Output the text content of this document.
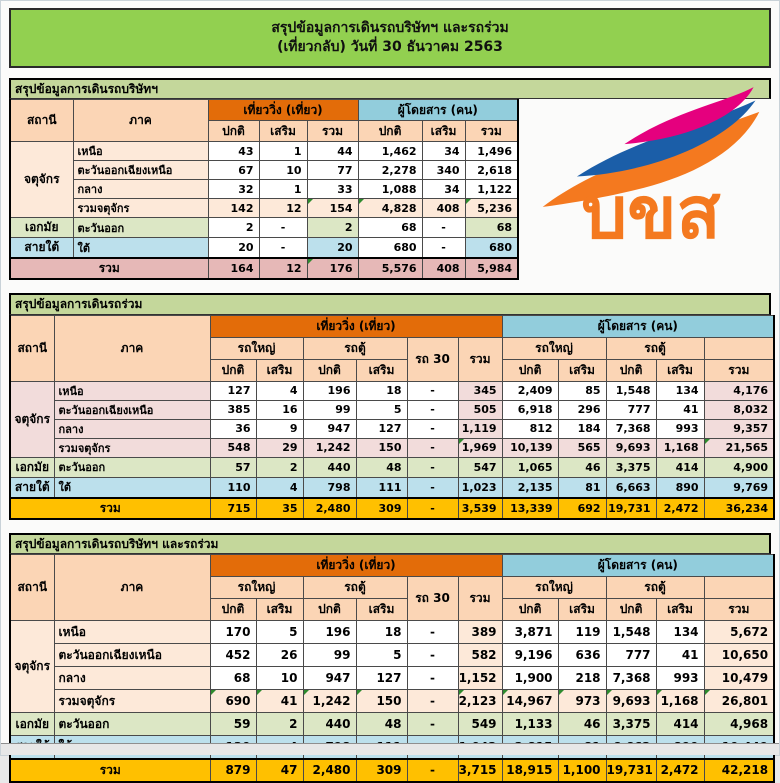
สรุปข้อมูลการเดินรถบริษัทฯ และรถร่วม
(เที่ยวกลับ) วันที่ 30 ธันวาคม 2563
สรุปข้อมูลการเดินรถบริษัทฯ
สถานี	ภาค	เที่ยววิ่ง (เที่ยว)			ผู้โดยสาร (คน)		
		ปกติ	เสริม	รวม	ปกติ	เสริม	รวม
จตุจักร	เหนือ	43	1	44	1,462	34	1,496
	ตะวันออกเฉียงเหนือ	67	10	77	2,278	340	2,618
	กลาง	32	1	33	1,088	34	1,122
	รวมจตุจักร	142	12	154	4,828	408	5,236

เอกมัย	ตะวันออก	2	-	2	68	-	68
สายใต้	ใต้	20	-	20	680	-	680
รวม		164	12	176	5,576	408	5,984
บขส
สรุปข้อมูลการเดินรถร่วม
สถานี	ภาค	เที่ยววิ่ง (เที่ยว)						ผู้โดยสาร (คน)				
		รถใหญ่		รถตู้		รถ 30	รวม	รถใหญ่		รถตู้		
		ปกติ	เสริม	ปกติ	เสริม			ปกติ	เสริม	ปกติ	เสริม	รวม
จตุจักร	เหนือ	127	4	196	18	-	345	2,409	85	1,548	134	4,176
	ตะวันออกเฉียงเหนือ	385	16	99	5	-	505	6,918	296	777	41	8,032
	กลาง	36	9	947	127	-	1,119	812	184	7,368	993	9,357
	รวมจตุจักร	548	29	1,242	150	-	1,969	10,139	565	9,693	1,168	21,565

เอกมัย	ตะวันออก	57	2	440	48	-	547	1,065	46	3,375	414	4,900
สายใต้	ใต้	110	4	798	111	-	1,023	2,135	81	6,663	890	9,769
รวม		715	35	2,480	309	-	3,539	13,339	692	19,731	2,472	36,234
สรุปข้อมูลการเดินรถบริษัทฯ และรถร่วม
สถานี	ภาค	เที่ยววิ่ง (เที่ยว)						ผู้โดยสาร (คน)				
		รถใหญ่		รถตู้		รถ 30	รวม	รถใหญ่		รถตู้		
		ปกติ	เสริม	ปกติ	เสริม			ปกติ	เสริม	ปกติ	เสริม	รวม
จตุจักร	เหนือ	170	5	196	18	-	389	3,871	119	1,548	134	5,672
	ตะวันออกเฉียงเหนือ	452	26	99	5	-	582	9,196	636	777	41	10,650
	กลาง	68	10	947	127	-	1,152	1,900	218	7,368	993	10,479
	รวมจตุจักร	690	41	1,242	150	-	2,123	14,967	973	9,693	1,168	26,801

เอกมัย	ตะวันออก	59	2	440	48	-	549	1,133	46	3,375	414	4,968

รวม		879	47	2,480	309	-	3,715	18,915	1,100	19,731	2,472	42,218
